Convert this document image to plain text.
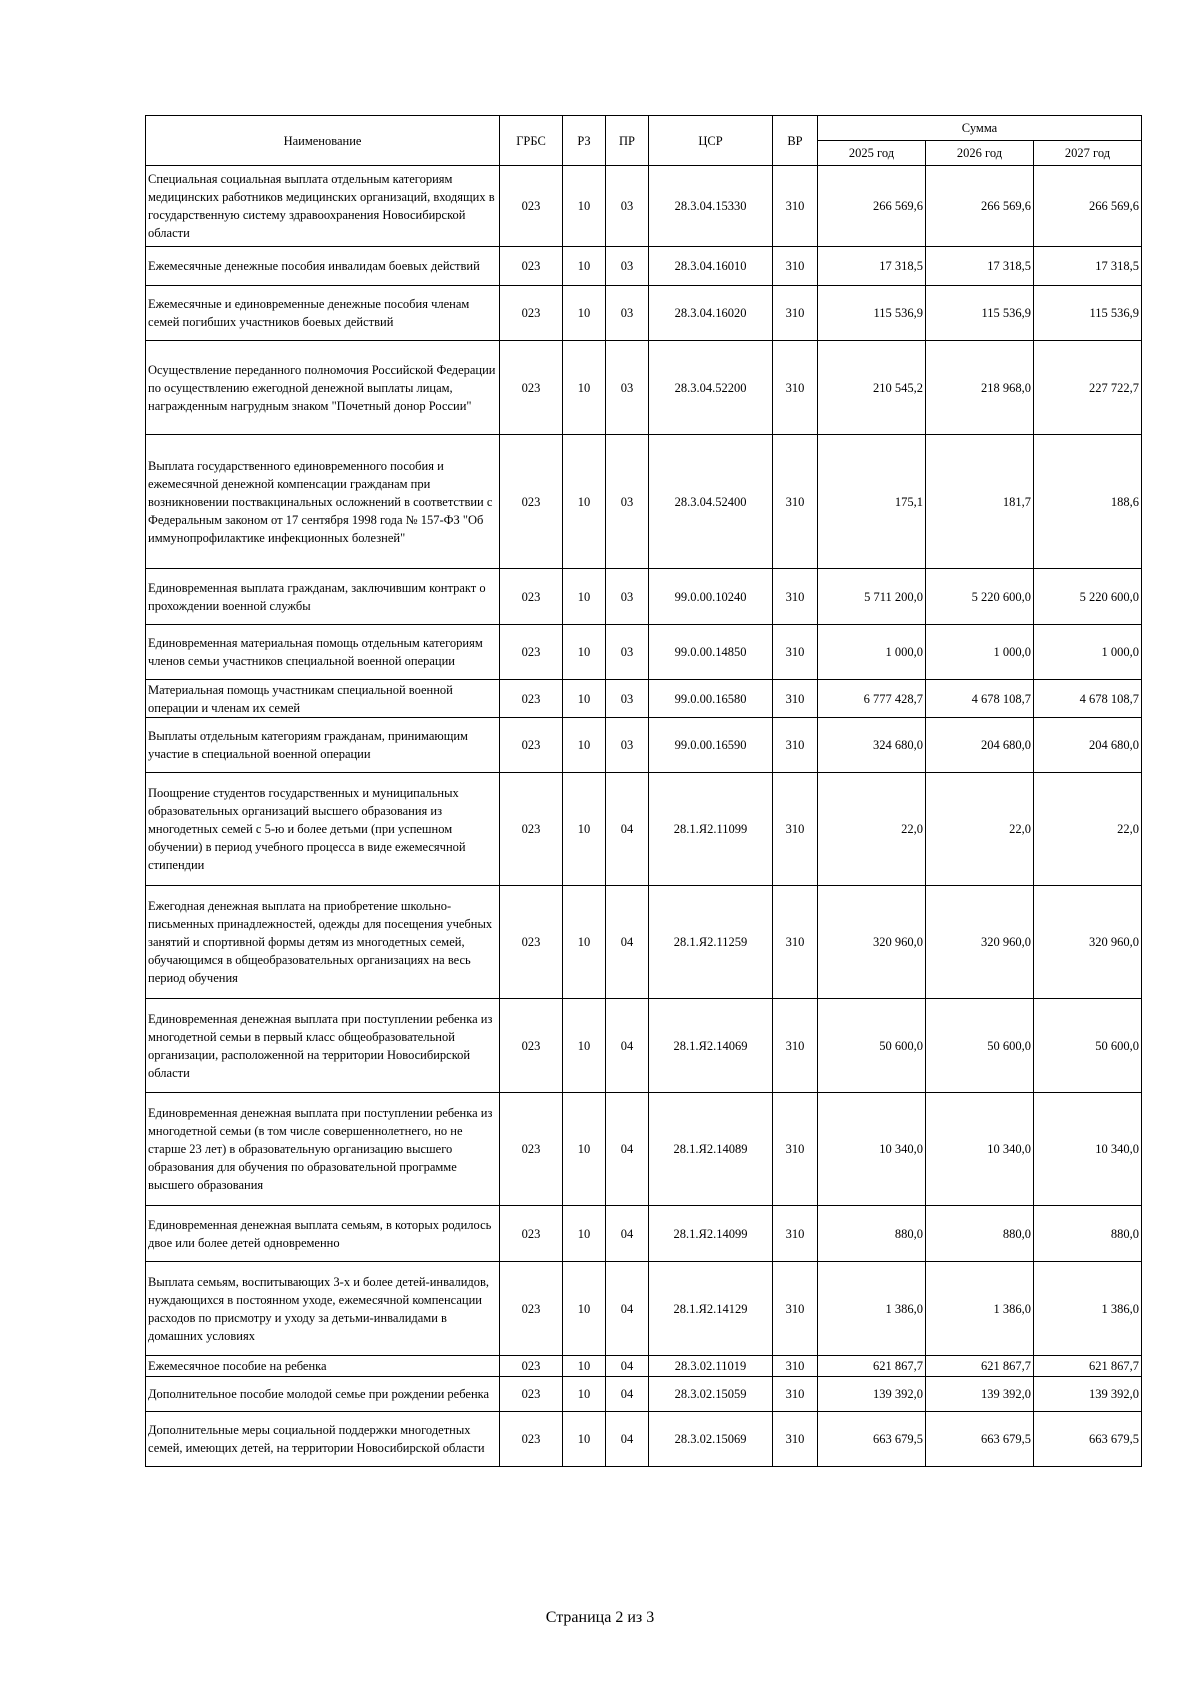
Наименование	ГРБС	РЗ	ПР	ЦСР	ВР	Сумма		
						2025 год	2026 год	2027 год
Специальная социальная выплата отдельным категориям медицинских работников медицинских организаций, входящих в государственную систему здравоохранения Новосибирской области	023	10	03	28.3.04.15330	310	266 569,6	266 569,6	266 569,6
Ежемесячные денежные пособия инвалидам боевых действий	023	10	03	28.3.04.16010	310	17 318,5	17 318,5	17 318,5
Ежемесячные и единовременные денежные пособия членам семей погибших участников боевых действий	023	10	03	28.3.04.16020	310	115 536,9	115 536,9	115 536,9
Осуществление переданного полномочия Российской Федерации по осуществлению ежегодной денежной выплаты лицам, награжденным нагрудным знаком "Почетный донор России"	023	10	03	28.3.04.52200	310	210 545,2	218 968,0	227 722,7
Выплата государственного единовременного пособия и ежемесячной денежной компенсации гражданам при возникновении поствакцинальных осложнений в соответствии с Федеральным законом от 17 сентября 1998 года № 157-ФЗ "Об иммунопрофилактике инфекционных болезней"	023	10	03	28.3.04.52400	310	175,1	181,7	188,6
Единовременная выплата гражданам, заключившим контракт о прохождении военной службы	023	10	03	99.0.00.10240	310	5 711 200,0	5 220 600,0	5 220 600,0
Единовременная материальная помощь отдельным категориям членов семьи участников специальной военной операции	023	10	03	99.0.00.14850	310	1 000,0	1 000,0	1 000,0
Материальная помощь участникам специальной военной операции и членам их семей	023	10	03	99.0.00.16580	310	6 777 428,7	4 678 108,7	4 678 108,7
Выплаты отдельным категориям гражданам, принимающим участие в специальной военной операции	023	10	03	99.0.00.16590	310	324 680,0	204 680,0	204 680,0
Поощрение студентов государственных и муниципальных образовательных организаций высшего образования из многодетных семей с 5-ю и более детьми (при успешном обучении) в период учебного процесса в виде ежемесячной стипендии	023	10	04	28.1.Я2.11099	310	22,0	22,0	22,0
Ежегодная денежная выплата на приобретение школьно-письменных принадлежностей, одежды для посещения учебных занятий и спортивной формы детям из многодетных семей, обучающимся в общеобразовательных организациях на весь период обучения	023	10	04	28.1.Я2.11259	310	320 960,0	320 960,0	320 960,0
Единовременная денежная выплата при поступлении ребенка из многодетной семьи в первый класс общеобразовательной организации, расположенной на территории Новосибирской области	023	10	04	28.1.Я2.14069	310	50 600,0	50 600,0	50 600,0
Единовременная денежная выплата при поступлении ребенка из многодетной семьи (в том числе совершеннолетнего, но не старше 23 лет) в образовательную организацию высшего образования для обучения по образовательной программе высшего образования	023	10	04	28.1.Я2.14089	310	10 340,0	10 340,0	10 340,0
Единовременная денежная выплата семьям, в которых родилось двое или более детей одновременно	023	10	04	28.1.Я2.14099	310	880,0	880,0	880,0
Выплата семьям, воспитывающих 3-х и более детей-инвалидов, нуждающихся в постоянном уходе, ежемесячной компенсации расходов по присмотру и уходу за детьми-инвалидами в домашних условиях	023	10	04	28.1.Я2.14129	310	1 386,0	1 386,0	1 386,0
Ежемесячное пособие на ребенка	023	10	04	28.3.02.11019	310	621 867,7	621 867,7	621 867,7
Дополнительное пособие молодой семье при рождении ребенка	023	10	04	28.3.02.15059	310	139 392,0	139 392,0	139 392,0
Дополнительные меры социальной поддержки многодетных семей, имеющих детей, на территории Новосибирской области	023	10	04	28.3.02.15069	310	663 679,5	663 679,5	663 679,5
Страница 2 из 3
